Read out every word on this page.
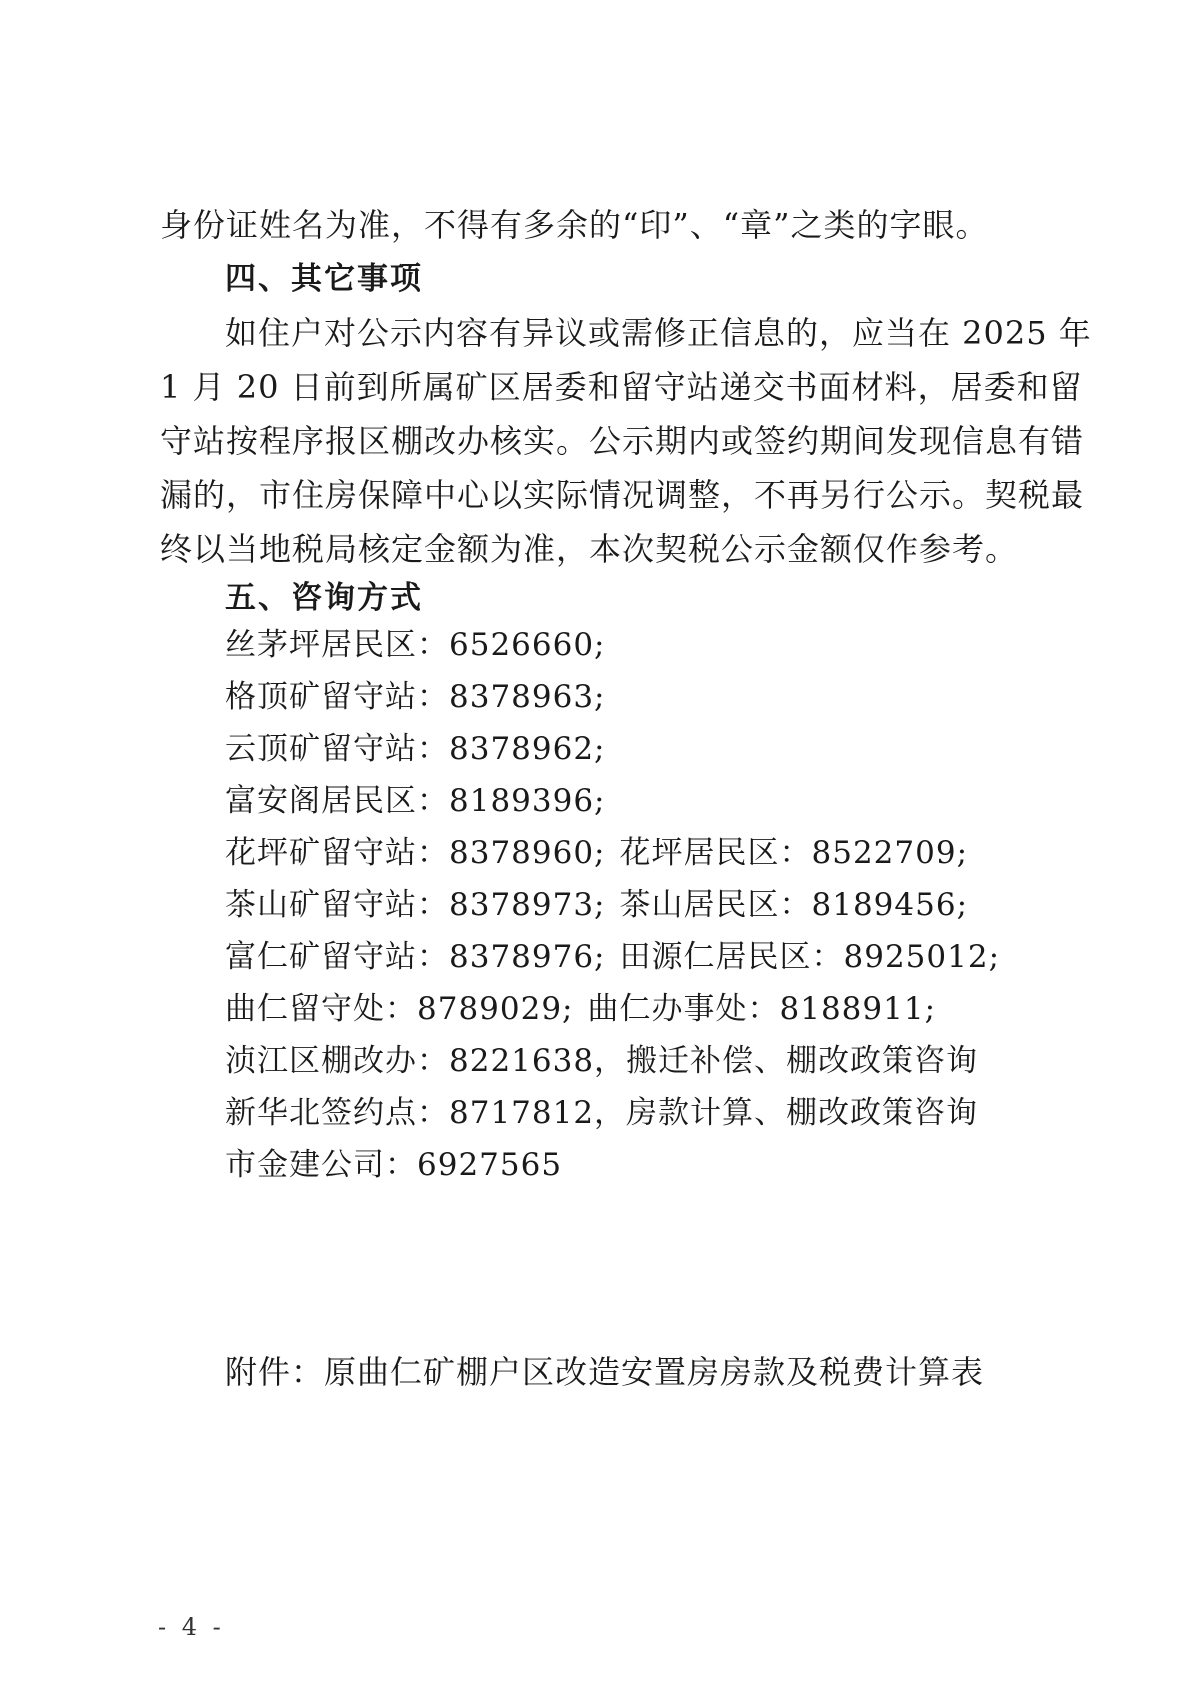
身份证姓名为准，不得有多余的“印”、“章”之类的字眼。
四、其它事项
如住户对公示内容有异议或需修正信息的，应当在 2025 年
1 月 20 日前到所属矿区居委和留守站递交书面材料，居委和留
守站按程序报区棚改办核实。公示期内或签约期间发现信息有错
漏的，市住房保障中心以实际情况调整，不再另行公示。契税最
终以当地税局核定金额为准，本次契税公示金额仅作参考。
五、咨询方式
丝茅坪居民区：6526660;
格顶矿留守站：8378963;
云顶矿留守站：8378962;
富安阁居民区：8189396;
花坪矿留守站：8378960; 花坪居民区：8522709;
茶山矿留守站：8378973; 茶山居民区：8189456;
富仁矿留守站：8378976; 田源仁居民区：8925012;
曲仁留守处：8789029; 曲仁办事处：8188911;
浈江区棚改办：8221638，搬迁补偿、棚改政策咨询
新华北签约点：8717812，房款计算、棚改政策咨询
市金建公司：6927565
附件：原曲仁矿棚户区改造安置房房款及税费计算表
- 4 -
